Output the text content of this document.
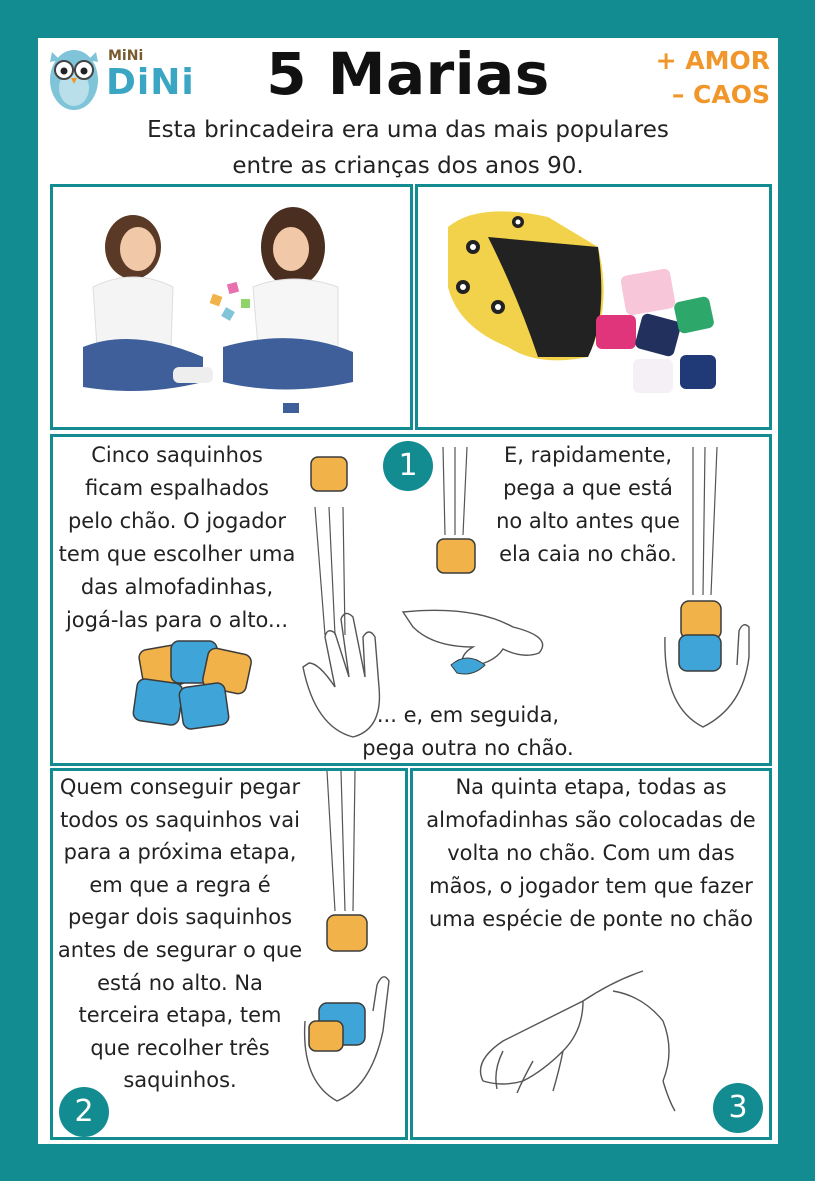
MiNi
DiNi	5 Marias	+ AMOR
– CAOS
Esta brincadeira era uma das mais populares
entre as crianças dos anos 90.
Cinco saquinhos
ficam espalhados
pelo chão. O jogador
tem que escolher uma
das almofadinhas,
jogá-las para o alto...
1	E, rapidamente,
pega a que está
no alto antes que
ela caia no chão.
... e, em seguida,
pega outra no chão.
Quem conseguir pegar
todos os saquinhos vai
para a próxima etapa,
em que a regra é
pegar dois saquinhos
antes de segurar o que
está no alto. Na
terceira etapa, tem
que recolher três
saquinhos.
2
Na quinta etapa, todas as
almofadinhas são colocadas de
volta no chão. Com um das
mãos, o jogador tem que fazer
uma espécie de ponte no chão
3
